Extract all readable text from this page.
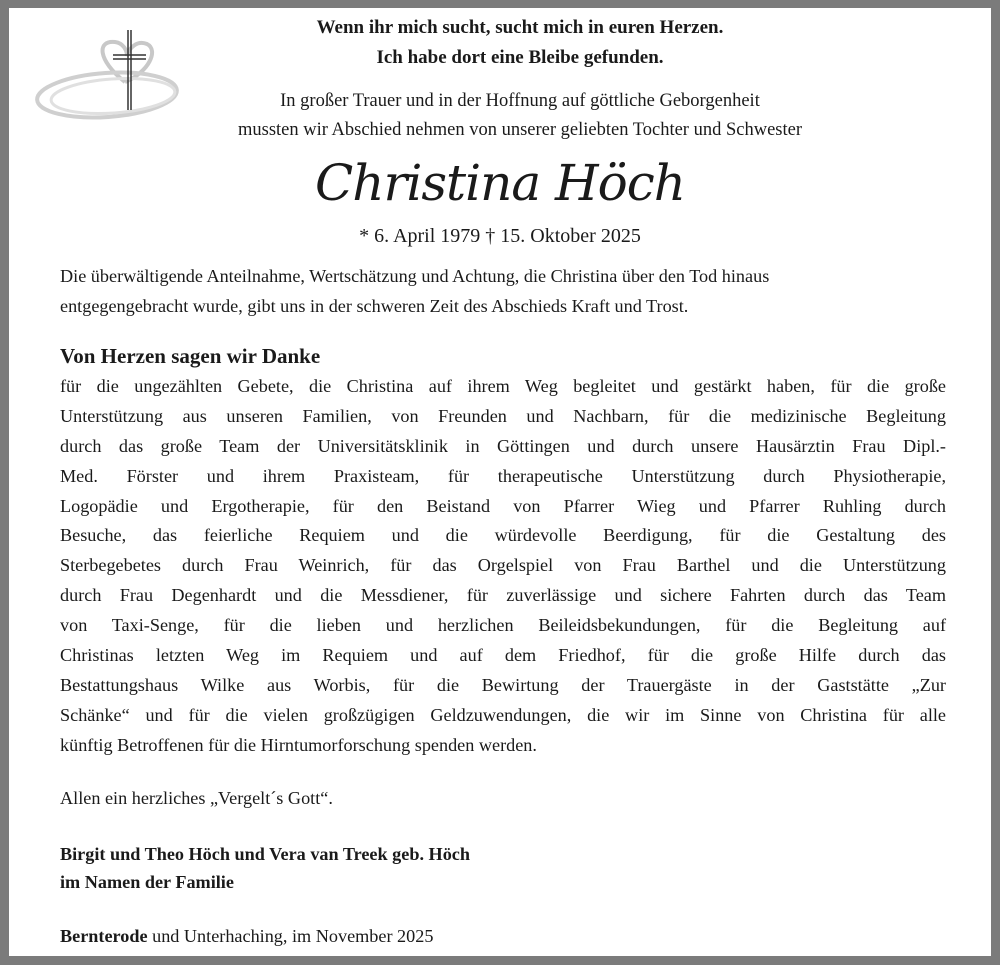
Wenn ihr mich sucht, sucht mich in euren Herzen.
Ich habe dort eine Bleibe gefunden.
In großer Trauer und in der Hoffnung auf göttliche Geborgenheit
mussten wir Abschied nehmen von unserer geliebten Tochter und Schwester
Christina Höch
* 6. April 1979 † 15. Oktober 2025
Die überwältigende Anteilnahme, Wertschätzung und Achtung, die Christina über den Tod hinaus
entgegengebracht wurde, gibt uns in der schweren Zeit des Abschieds Kraft und Trost.
Von Herzen sagen wir Danke
für die ungezählten Gebete, die Christina auf ihrem Weg begleitet und gestärkt haben, für die große
Unterstützung aus unseren Familien, von Freunden und Nachbarn, für die medizinische Begleitung
durch das große Team der Universitätsklinik in Göttingen und durch unsere Hausärztin Frau Dipl.-
Med. Förster und ihrem Praxisteam, für therapeutische Unterstützung durch Physiotherapie,
Logopädie und Ergotherapie, für den Beistand von Pfarrer Wieg und Pfarrer Ruhling durch
Besuche, das feierliche Requiem und die würdevolle Beerdigung, für die Gestaltung des
Sterbegebetes durch Frau Weinrich, für das Orgelspiel von Frau Barthel und die Unterstützung
durch Frau Degenhardt und die Messdiener, für zuverlässige und sichere Fahrten durch das Team
von Taxi-Senge, für die lieben und herzlichen Beileidsbekundungen, für die Begleitung auf
Christinas letzten Weg im Requiem und auf dem Friedhof, für die große Hilfe durch das
Bestattungshaus Wilke aus Worbis, für die Bewirtung der Trauergäste in der Gaststätte „Zur
Schänke“ und für die vielen großzügigen Geldzuwendungen, die wir im Sinne von Christina für alle
künftig Betroffenen für die Hirntumorforschung spenden werden.
Allen ein herzliches „Vergelt´s Gott“.
Birgit und Theo Höch und Vera van Treek geb. Höch
im Namen der Familie
Bernterode und Unterhaching, im November 2025
